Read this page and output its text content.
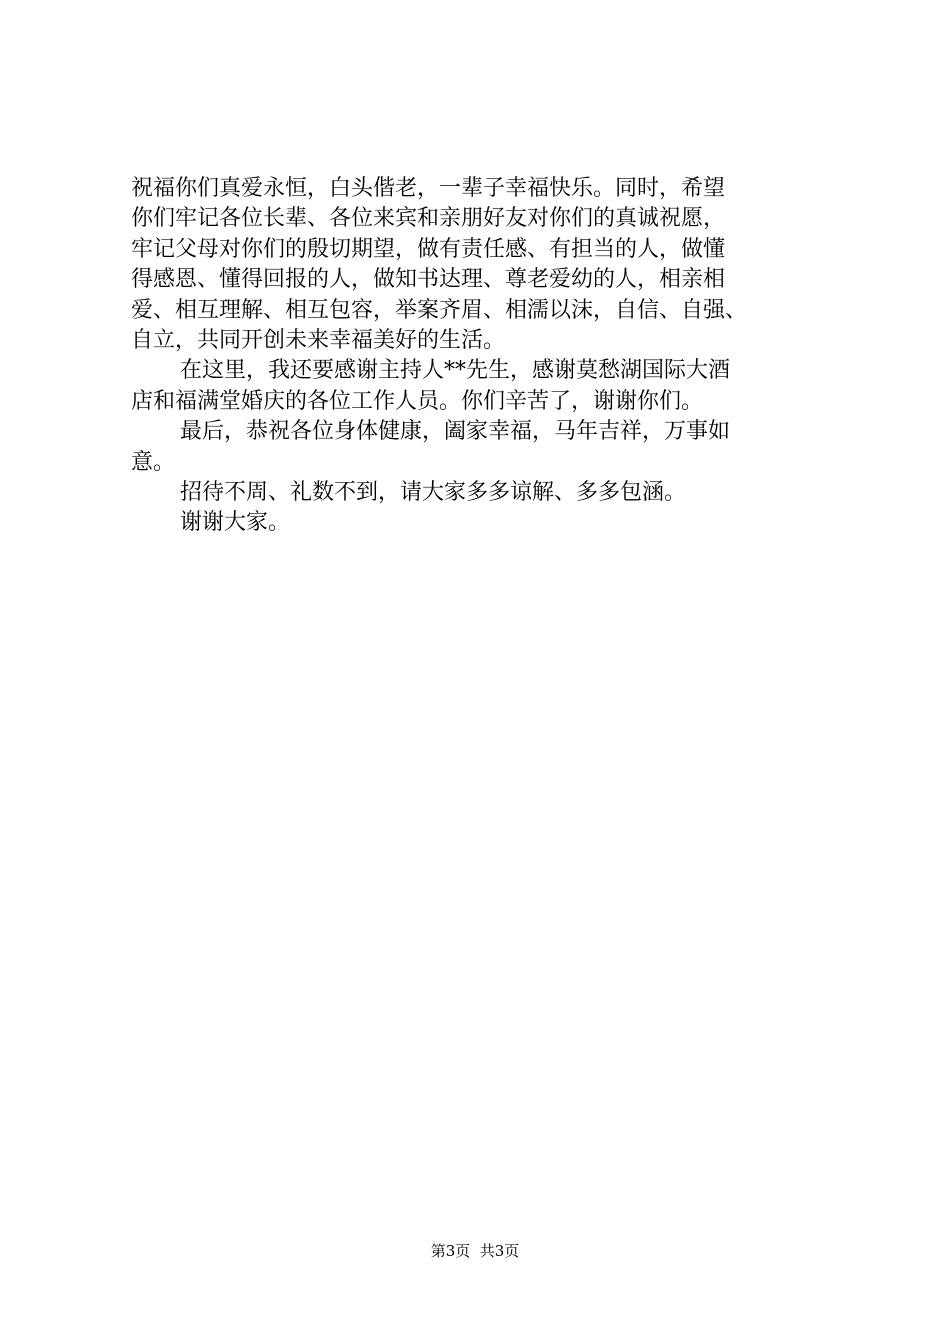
祝福你们真爱永恒，白头偕老，一辈子幸福快乐。同时，希望
你们牢记各位长辈、各位来宾和亲朋好友对你们的真诚祝愿，
牢记父母对你们的殷切期望，做有责任感、有担当的人，做懂
得感恩、懂得回报的人，做知书达理、尊老爱幼的人，相亲相
爱、相互理解、相互包容，举案齐眉、相濡以沫，自信、自强、
自立，共同开创未来幸福美好的生活。
在这里，我还要感谢主持人**先生，感谢莫愁湖国际大酒
店和福满堂婚庆的各位工作人员。你们辛苦了，谢谢你们。
最后，恭祝各位身体健康，阖家幸福，马年吉祥，万事如
意。
招待不周、礼数不到，请大家多多谅解、多多包涵。
谢谢大家。
第3页  共3页
